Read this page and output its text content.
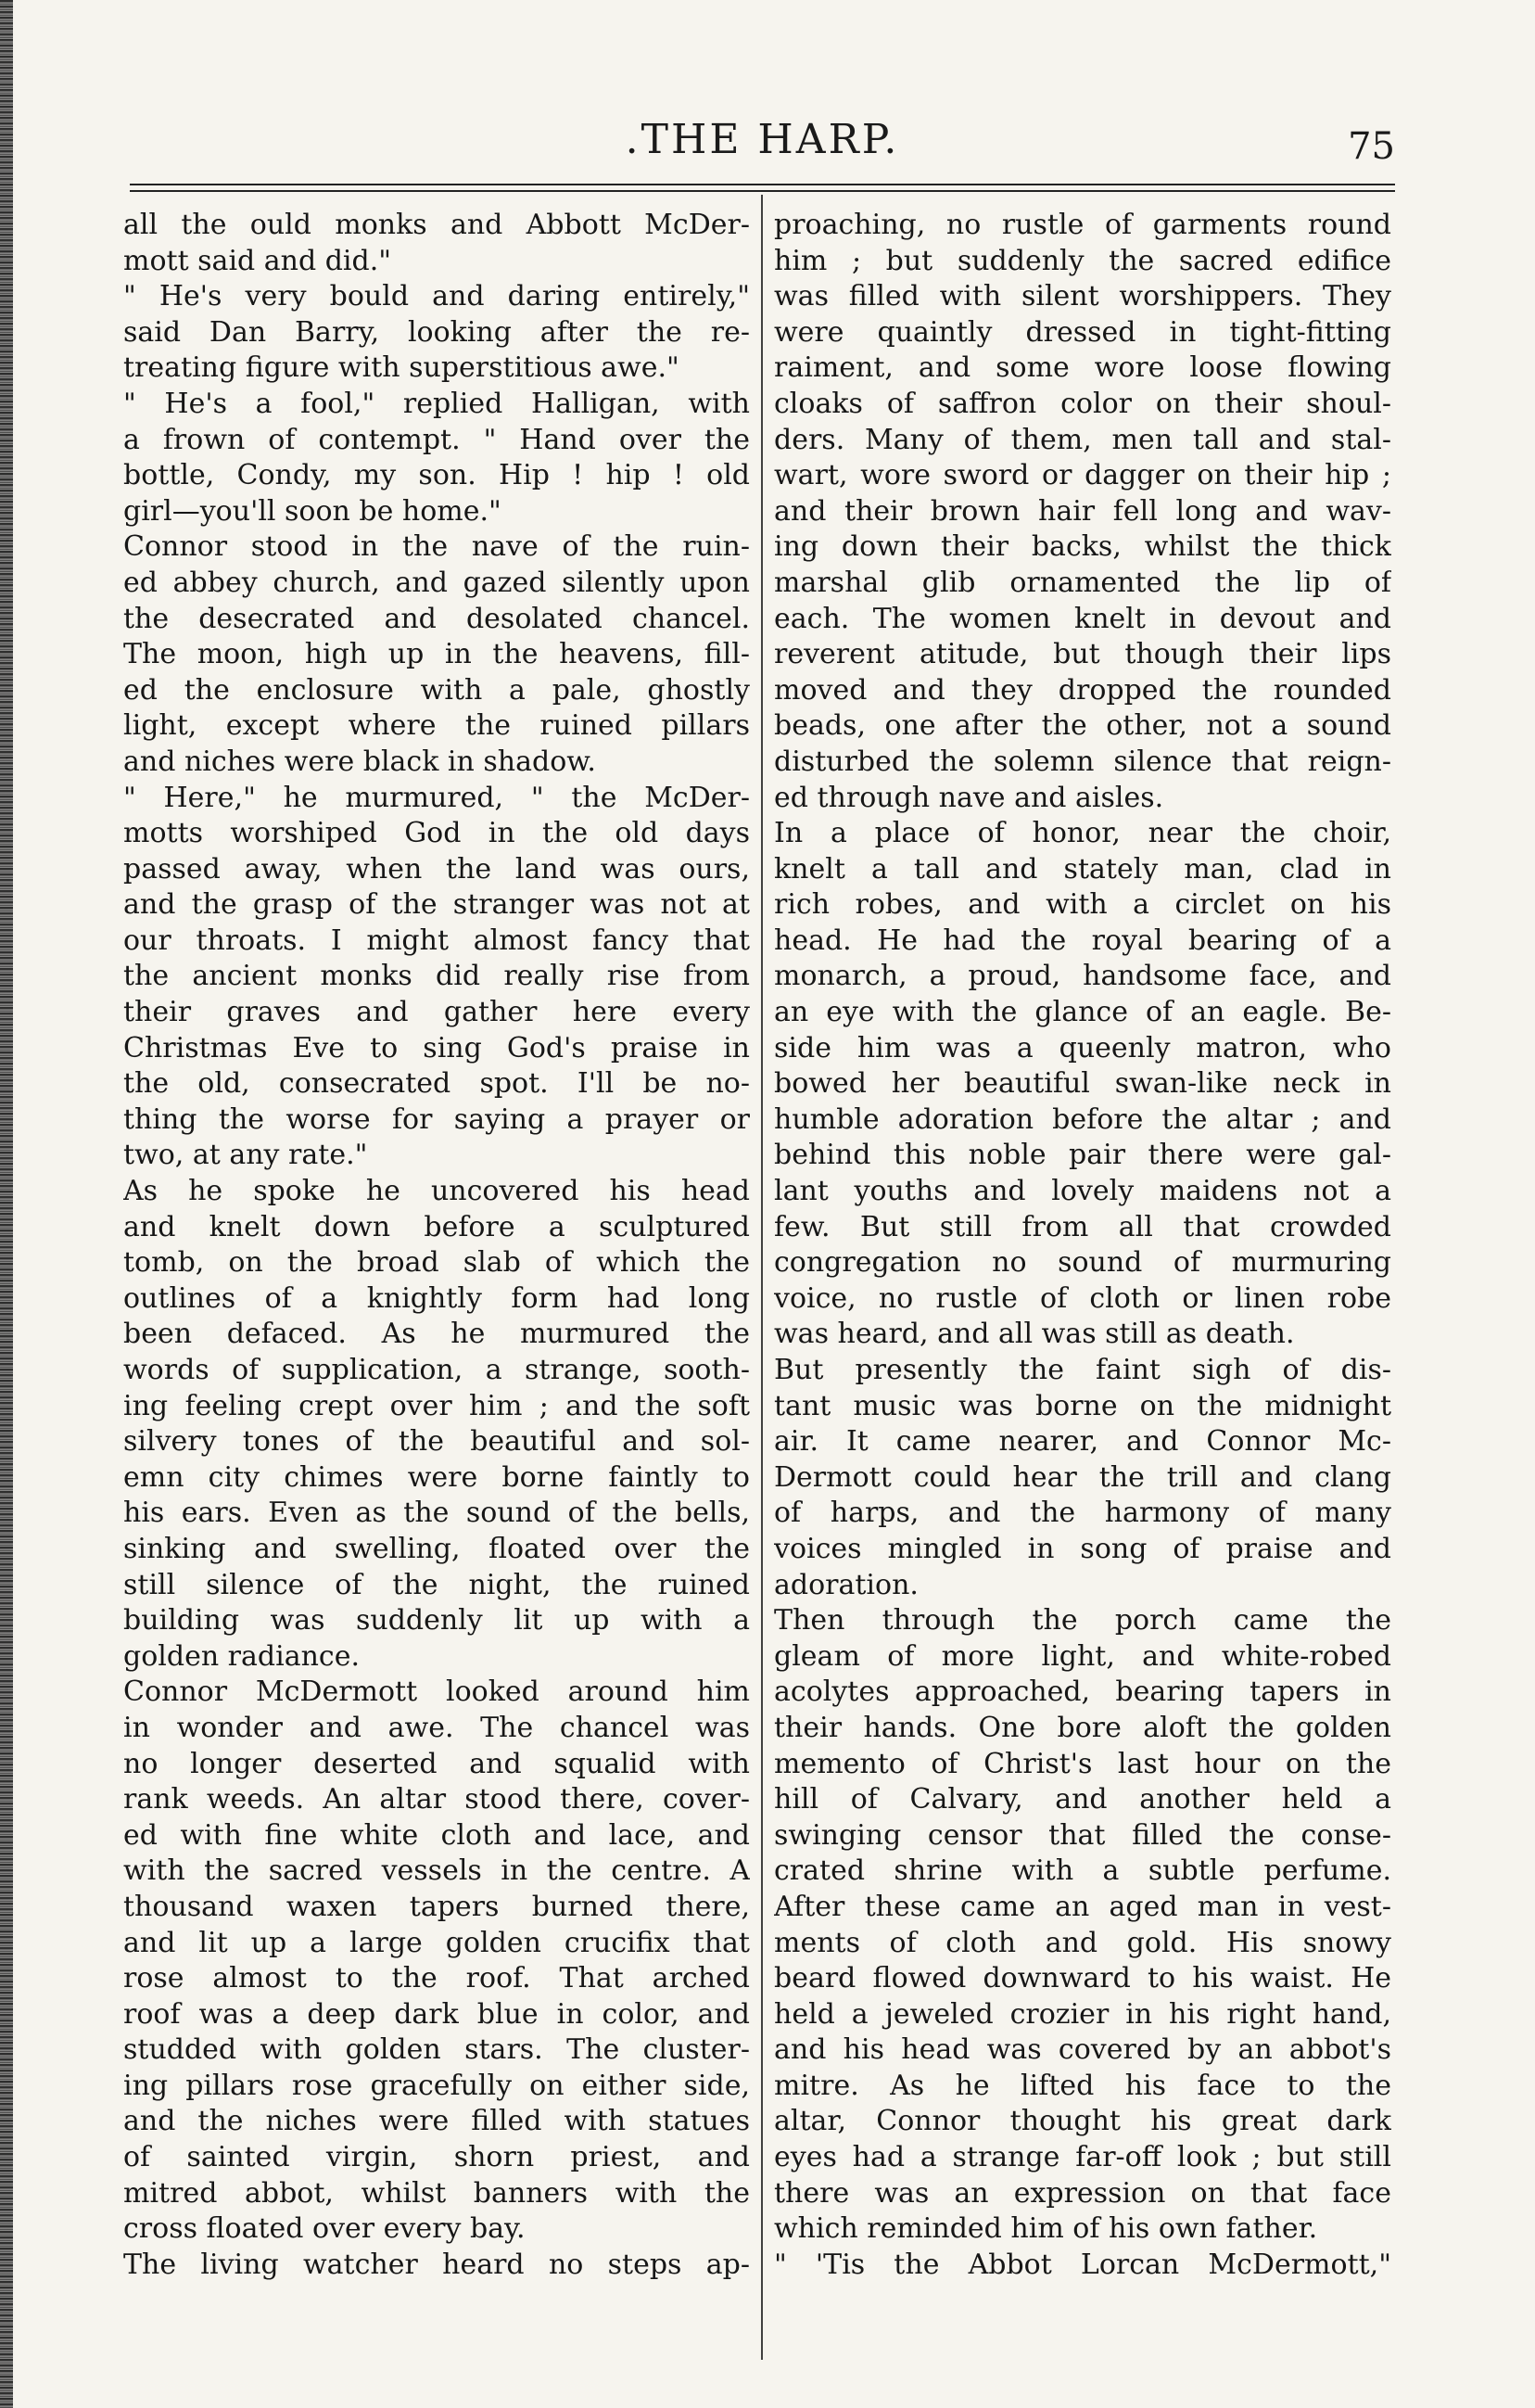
.THE HARP.	75
all the ould monks and Abbott McDer-
mott said and did."
" He's very bould and daring entirely,"
said Dan Barry, looking after the re-
treating figure with superstitious awe."
" He's a fool," replied Halligan, with
a frown of contempt. " Hand over the
bottle, Condy, my son. Hip ! hip ! old
girl—you'll soon be home."
Connor stood in the nave of the ruin-
ed abbey church, and gazed silently upon
the desecrated and desolated chancel.
The moon, high up in the heavens, fill-
ed the enclosure with a pale, ghostly
light, except where the ruined pillars
and niches were black in shadow.
" Here," he murmured, " the McDer-
motts worshiped God in the old days
passed away, when the land was ours,
and the grasp of the stranger was not at
our throats. I might almost fancy that
the ancient monks did really rise from
their graves and gather here every
Christmas Eve to sing God's praise in
the old, consecrated spot. I'll be no-
thing the worse for saying a prayer or
two, at any rate."
As he spoke he uncovered his head
and knelt down before a sculptured
tomb, on the broad slab of which the
outlines of a knightly form had long
been defaced. As he murmured the
words of supplication, a strange, sooth-
ing feeling crept over him ; and the soft
silvery tones of the beautiful and sol-
emn city chimes were borne faintly to
his ears. Even as the sound of the bells,
sinking and swelling, floated over the
still silence of the night, the ruined
building was suddenly lit up with a
golden radiance.
Connor McDermott looked around him
in wonder and awe. The chancel was
no longer deserted and squalid with
rank weeds. An altar stood there, cover-
ed with fine white cloth and lace, and
with the sacred vessels in the centre. A
thousand waxen tapers burned there,
and lit up a large golden crucifix that
rose almost to the roof. That arched
roof was a deep dark blue in color, and
studded with golden stars. The cluster-
ing pillars rose gracefully on either side,
and the niches were filled with statues
of sainted virgin, shorn priest, and
mitred abbot, whilst banners with the
cross floated over every bay.
The living watcher heard no steps ap-
proaching, no rustle of garments round
him ; but suddenly the sacred edifice
was filled with silent worshippers. They
were quaintly dressed in tight-fitting
raiment, and some wore loose flowing
cloaks of saffron color on their shoul-
ders. Many of them, men tall and stal-
wart, wore sword or dagger on their hip ;
and their brown hair fell long and wav-
ing down their backs, whilst the thick
marshal glib ornamented the lip of
each. The women knelt in devout and
reverent atitude, but though their lips
moved and they dropped the rounded
beads, one after the other, not a sound
disturbed the solemn silence that reign-
ed through nave and aisles.
In a place of honor, near the choir,
knelt a tall and stately man, clad in
rich robes, and with a circlet on his
head. He had the royal bearing of a
monarch, a proud, handsome face, and
an eye with the glance of an eagle. Be-
side him was a queenly matron, who
bowed her beautiful swan-like neck in
humble adoration before the altar ; and
behind this noble pair there were gal-
lant youths and lovely maidens not a
few. But still from all that crowded
congregation no sound of murmuring
voice, no rustle of cloth or linen robe
was heard, and all was still as death.
But presently the faint sigh of dis-
tant music was borne on the midnight
air. It came nearer, and Connor Mc-
Dermott could hear the trill and clang
of harps, and the harmony of many
voices mingled in song of praise and
adoration.
Then through the porch came the
gleam of more light, and white-robed
acolytes approached, bearing tapers in
their hands. One bore aloft the golden
memento of Christ's last hour on the
hill of Calvary, and another held a
swinging censor that filled the conse-
crated shrine with a subtle perfume.
After these came an aged man in vest-
ments of cloth and gold. His snowy
beard flowed downward to his waist. He
held a jeweled crozier in his right hand,
and his head was covered by an abbot's
mitre. As he lifted his face to the
altar, Connor thought his great dark
eyes had a strange far-off look ; but still
there was an expression on that face
which reminded him of his own father.
" 'Tis the Abbot Lorcan McDermott,"
